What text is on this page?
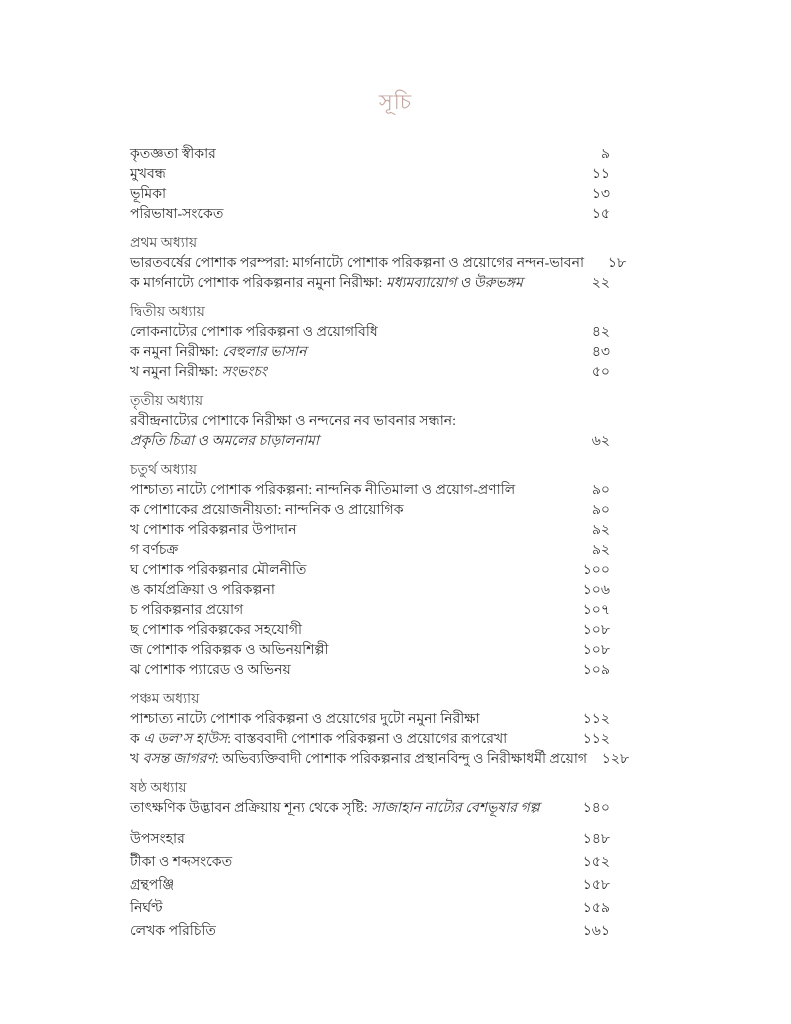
সূচি
কৃতজ্ঞতা স্বীকার	৯
মুখবন্ধ	১১
ভূমিকা	১৩
পরিভাষা-সংকেত	১৫
প্রথম অধ্যায়
ভারতবর্ষের পোশাক পরম্পরা: মার্গনাট্যে পোশাক পরিকল্পনা ও প্রয়োগের নন্দন-ভাবনা	১৮
ক মার্গনাট্যে পোশাক পরিকল্পনার নমুনা নিরীক্ষা: মধ্যমব্যায়োগ ও উরুভঙ্গম	২২
দ্বিতীয় অধ্যায়
লোকনাট্যের পোশাক পরিকল্পনা ও প্রয়োগবিধি	৪২
ক নমুনা নিরীক্ষা: বেহুলার ভাসান	৪৩
খ নমুনা নিরীক্ষা: সংভংচং	৫০
তৃতীয় অধ্যায়
রবীন্দ্রনাট্যের পোশাকে নিরীক্ষা ও নন্দনের নব ভাবনার সন্ধান:
প্রকৃতি চিত্রা ও অমলের চাড়ালনামা	৬২
চতুর্থ অধ্যায়
পাশ্চাত্য নাট্যে পোশাক পরিকল্পনা: নান্দনিক নীতিমালা ও প্রয়োগ-প্রণালি	৯০
ক পোশাকের প্রয়োজনীয়তা: নান্দনিক ও প্রায়োগিক	৯০
খ পোশাক পরিকল্পনার উপাদান	৯২
গ বর্ণচক্র	৯২
ঘ পোশাক পরিকল্পনার মৌলনীতি	১০০
ঙ কার্যপ্রক্রিয়া ও পরিকল্পনা	১০৬
চ পরিকল্পনার প্রয়োগ	১০৭
ছ পোশাক পরিকল্পকের সহযোগী	১০৮
জ পোশাক পরিকল্পক ও অভিনয়শিল্পী	১০৮
ঝ পোশাক প্যারেড ও অভিনয়	১০৯
পঞ্চম অধ্যায়
পাশ্চাত্য নাট্যে পোশাক পরিকল্পনা ও প্রয়োগের দুটো নমুনা নিরীক্ষা	১১২
ক এ ডল’স হাউস: বাস্তববাদী পোশাক পরিকল্পনা ও প্রয়োগের রূপরেখা	১১২
খ বসন্ত জাগরণ: অভিব্যক্তিবাদী পোশাক পরিকল্পনার প্রস্থানবিন্দু ও নিরীক্ষাধর্মী প্রয়োগ	১২৮
ষষ্ঠ অধ্যায়
তাৎক্ষণিক উদ্ভাবন প্রক্রিয়ায় শূন্য থেকে সৃষ্টি: সাজাহান নাট্যের বেশভূষার গল্প	১৪০
উপসংহার	১৪৮
টীকা ও শব্দসংকেত	১৫২
গ্রন্থপঞ্জি	১৫৮
নির্ঘণ্ট	১৫৯
লেখক পরিচিতি	১৬১
